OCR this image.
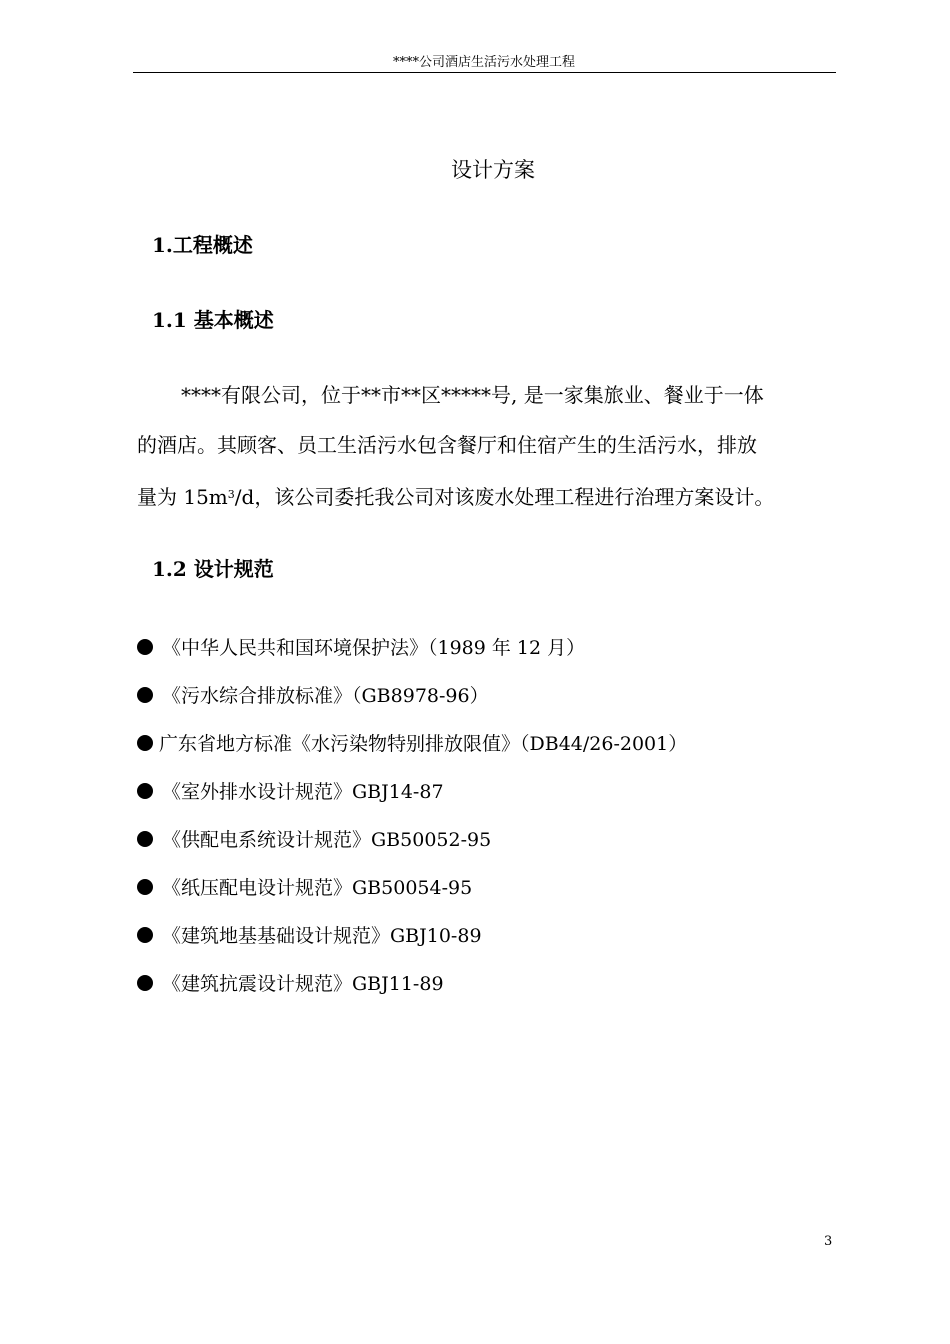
****公司酒店生活污水处理工程
设计方案
1.工程概述
1.1 基本概述
****有限公司，位于**市**区*****号, 是一家集旅业、餐业于一体
的酒店。其顾客、员工生活污水包含餐厅和住宿产生的生活污水，排放
量为 $15m^3/d$，该公司委托我公司对该废水处理工程进行治理方案设计。
1.2 设计规范
《中华人民共和国环境保护法》（1989 年 12 月）
《污水综合排放标准》（GB8978-96）
广东省地方标准《水污染物特别排放限值》（DB44/26-2001）
《室外排水设计规范》GBJ14-87
《供配电系统设计规范》GB50052-95
《纸压配电设计规范》GB50054-95
《建筑地基基础设计规范》GBJ10-89
《建筑抗震设计规范》GBJ11-89
3
